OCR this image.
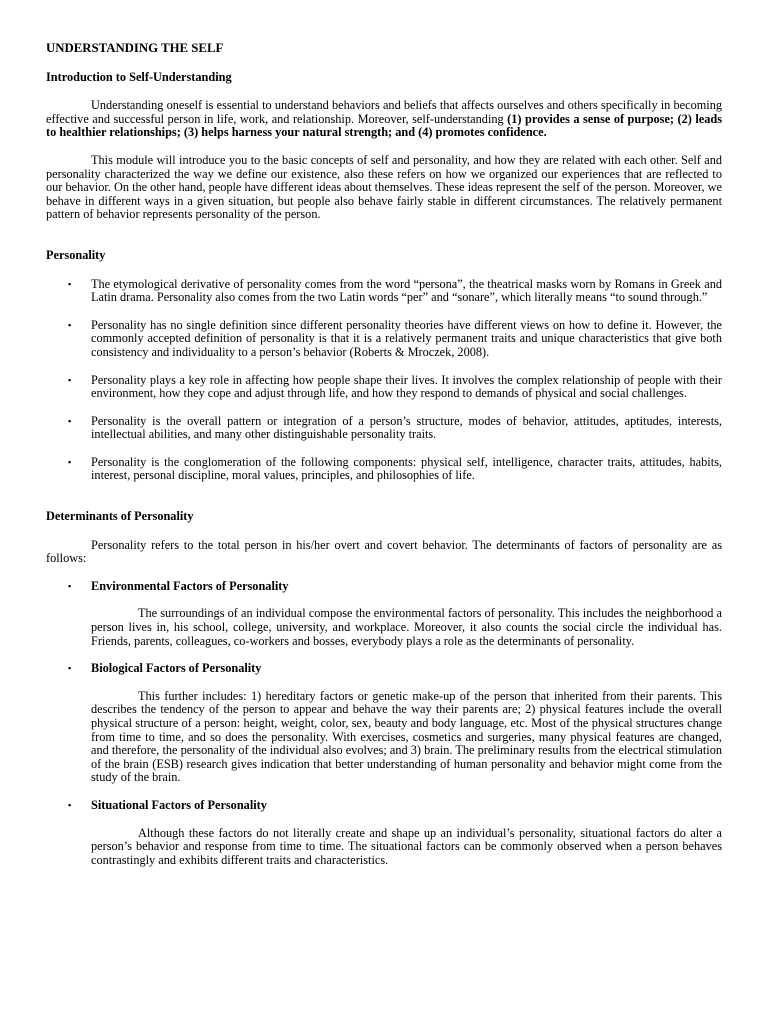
UNDERSTANDING THE SELF
Introduction to Self-Understanding

Understanding oneself is essential to understand behaviors and beliefs that affects ourselves and others specifically in becoming effective and successful person in life, work, and relationship. Moreover, self-understanding (1) provides a sense of purpose; (2) leads to healthier relationships; (3) helps harness your natural strength; and (4) promotes confidence.

This module will introduce you to the basic concepts of self and personality, and how they are related with each other. Self and personality characterized the way we define our existence, also these refers on how we organized our experiences that are reflected to our behavior. On the other hand, people have different ideas about themselves. These ideas represent the self of the person. Moreover, we behave in different ways in a given situation, but people also behave fairly stable in different circumstances. The relatively permanent pattern of behavior represents personality of the person.

Personality
▪ The etymological derivative of personality comes from the word “persona”, the theatrical masks worn by Romans in Greek and Latin drama. Personality also comes from the two Latin words “per” and “sonare”, which literally means “to sound through.”
▪ Personality has no single definition since different personality theories have different views on how to define it. However, the commonly accepted definition of personality is that it is a relatively permanent traits and unique characteristics that give both consistency and individuality to a person’s behavior (Roberts & Mroczek, 2008).
▪ Personality plays a key role in affecting how people shape their lives. It involves the complex relationship of people with their environment, how they cope and adjust through life, and how they respond to demands of physical and social challenges.
▪ Personality is the overall pattern or integration of a person’s structure, modes of behavior, attitudes, aptitudes, interests, intellectual abilities, and many other distinguishable personality traits.
▪ Personality is the conglomeration of the following components: physical self, intelligence, character traits, attitudes, habits, interest, personal discipline, moral values, principles, and philosophies of life.
Determinants of Personality

Personality refers to the total person in his/her overt and covert behavior. The determinants of factors of personality are as follows:

▪ Environmental Factors of Personality

The surroundings of an individual compose the environmental factors of personality. This includes the neighborhood a person lives in, his school, college, university, and workplace. Moreover, it also counts the social circle the individual has. Friends, parents, colleagues, co-workers and bosses, everybody plays a role as the determinants of personality.

▪ Biological Factors of Personality

This further includes: 1) hereditary factors or genetic make-up of the person that inherited from their parents. This describes the tendency of the person to appear and behave the way their parents are; 2) physical features include the overall physical structure of a person: height, weight, color, sex, beauty and body language, etc. Most of the physical structures change from time to time, and so does the personality. With exercises, cosmetics and surgeries, many physical features are changed, and therefore, the personality of the individual also evolves; and 3) brain. The preliminary results from the electrical stimulation of the brain (ESB) research gives indication that better understanding of human personality and behavior might come from the study of the brain.

▪ Situational Factors of Personality

Although these factors do not literally create and shape up an individual’s personality, situational factors do alter a person’s behavior and response from time to time. The situational factors can be commonly observed when a person behaves contrastingly and exhibits different traits and characteristics.
